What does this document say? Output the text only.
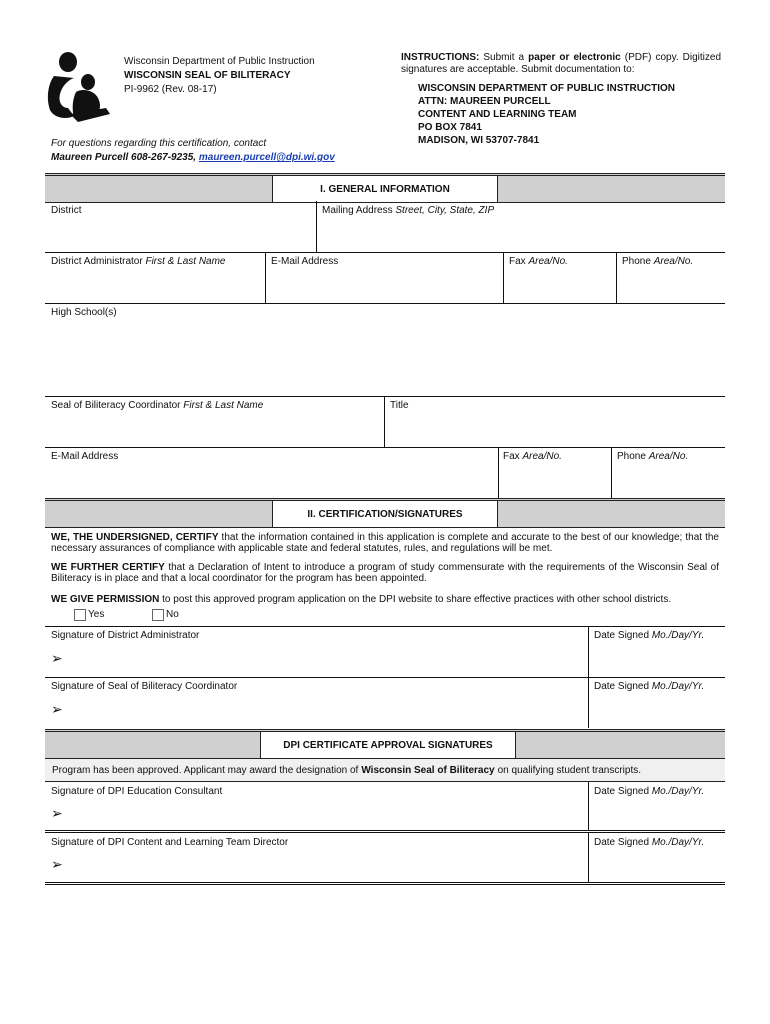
Wisconsin Department of Public Instruction
WISCONSIN SEAL OF BILITERACY
PI-9962 (Rev. 08-17)
INSTRUCTIONS: Submit a paper or electronic (PDF) copy. Digitized signatures are acceptable. Submit documentation to:
WISCONSIN DEPARTMENT OF PUBLIC INSTRUCTION
ATTN: MAUREEN PURCELL
CONTENT AND LEARNING TEAM
PO BOX 7841
MADISON, WI 53707-7841
For questions regarding this certification, contact
Maureen Purcell 608-267-9235, maureen.purcell@dpi.wi.gov
I. GENERAL INFORMATION
District	Mailing Address Street, City, State, ZIP
District Administrator First & Last Name	E-Mail Address	Fax Area/No.	Phone Area/No.
High School(s)
Seal of Biliteracy Coordinator First & Last Name	Title
E-Mail Address	Fax Area/No.	Phone Area/No.
II. CERTIFICATION/SIGNATURES
WE, THE UNDERSIGNED, CERTIFY that the information contained in this application is complete and accurate to the best of our knowledge; that the necessary assurances of compliance with applicable state and federal statutes, rules, and regulations will be met.
WE FURTHER CERTIFY that a Declaration of Intent to introduce a program of study commensurate with the requirements of the Wisconsin Seal of Biliteracy is in place and that a local coordinator for the program has been appointed.
WE GIVE PERMISSION to post this approved program application on the DPI website to share effective practices with other school districts.
Yes	No
Signature of District Administrator	Date Signed Mo./Day/Yr.
➢
Signature of Seal of Biliteracy Coordinator	Date Signed Mo./Day/Yr.
➢
DPI CERTIFICATE APPROVAL SIGNATURES
Program has been approved. Applicant may award the designation of Wisconsin Seal of Biliteracy on qualifying student transcripts.
Signature of DPI Education Consultant	Date Signed Mo./Day/Yr.
➢
Signature of DPI Content and Learning Team Director	Date Signed Mo./Day/Yr.
➢
